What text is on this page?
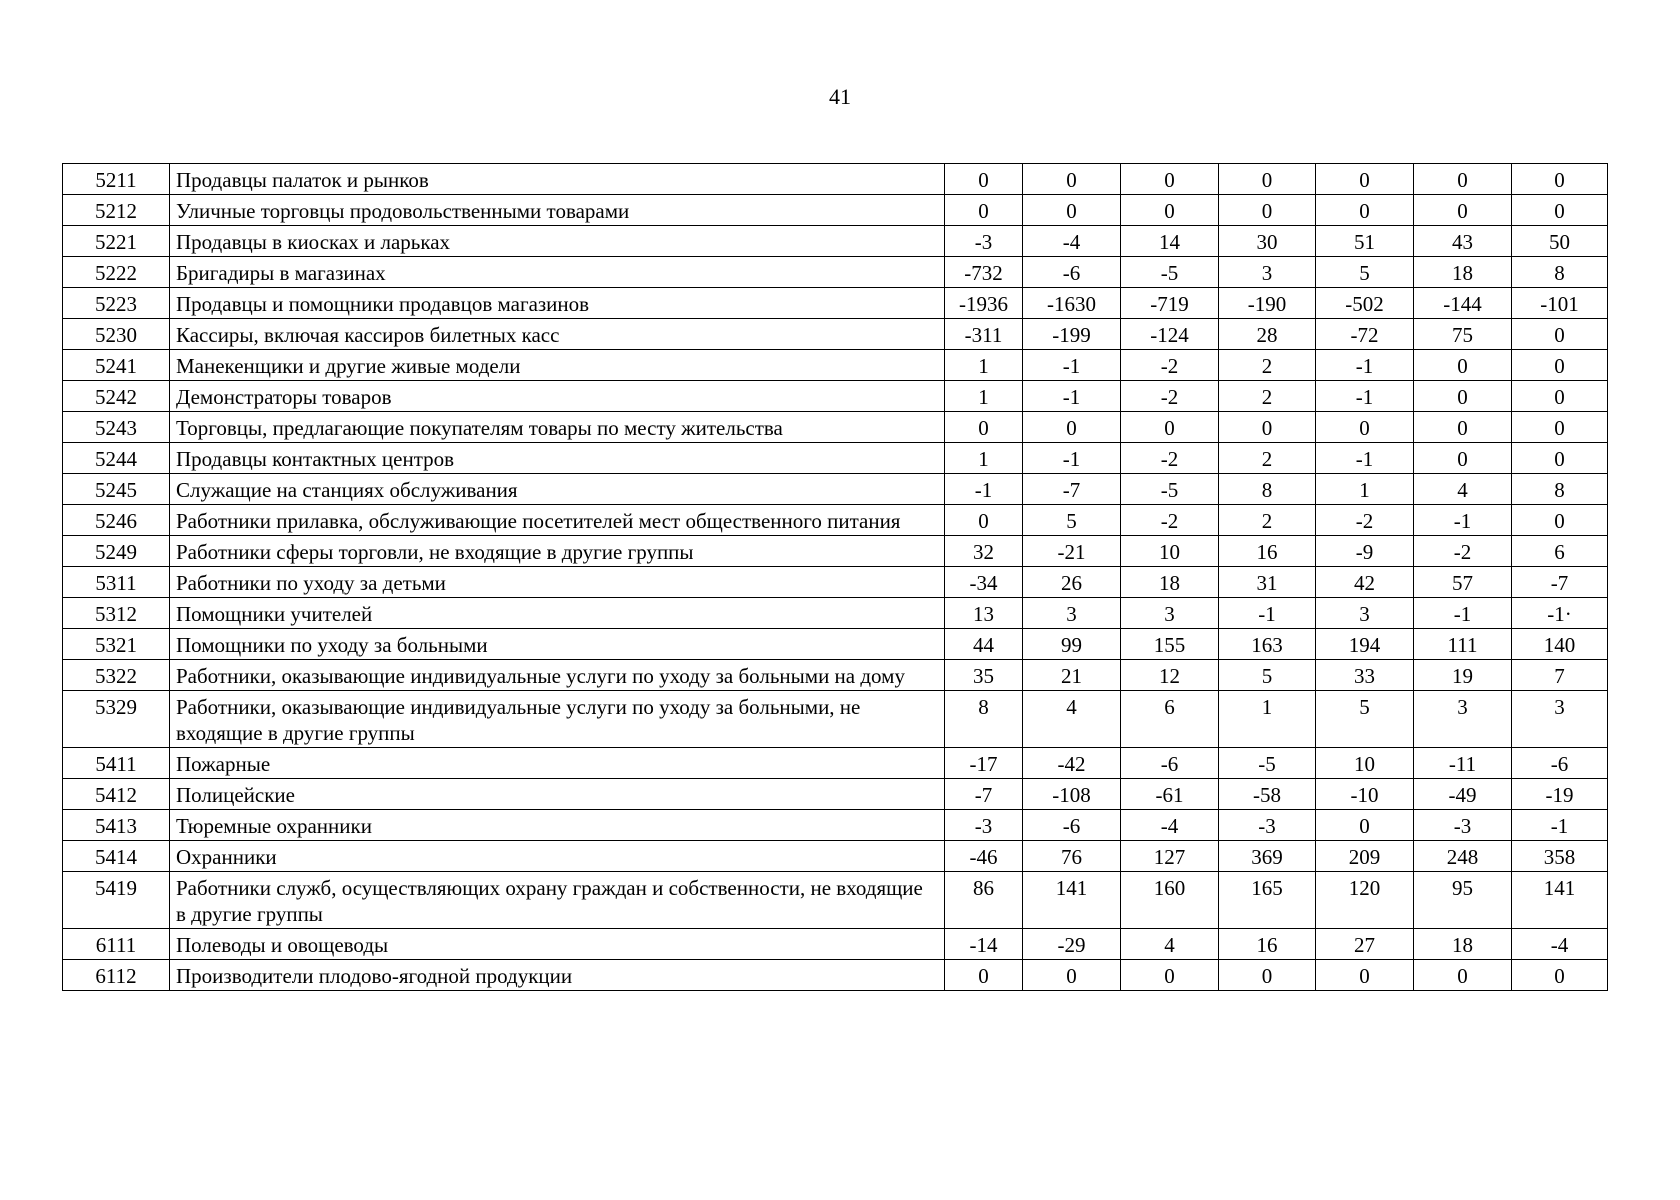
41
5211	Продавцы палаток и рынков	0	0	0	0	0	0	0
5212	Уличные торговцы продовольственными товарами	0	0	0	0	0	0	0
5221	Продавцы в киосках и ларьках	-3	-4	14	30	51	43	50
5222	Бригадиры в магазинах	-732	-6	-5	3	5	18	8
5223	Продавцы и помощники продавцов магазинов	-1936	-1630	-719	-190	-502	-144	-101
5230	Кассиры, включая кассиров билетных касс	-311	-199	-124	28	-72	75	0
5241	Манекенщики и другие живые модели	1	-1	-2	2	-1	0	0
5242	Демонстраторы товаров	1	-1	-2	2	-1	0	0
5243	Торговцы, предлагающие покупателям товары по месту жительства	0	0	0	0	0	0	0
5244	Продавцы контактных центров	1	-1	-2	2	-1	0	0
5245	Служащие на станциях обслуживания	-1	-7	-5	8	1	4	8
5246	Работники прилавка, обслуживающие посетителей мест общественного питания	0	5	-2	2	-2	-1	0
5249	Работники сферы торговли, не входящие в другие группы	32	-21	10	16	-9	-2	6
5311	Работники по уходу за детьми	-34	26	18	31	42	57	-7
5312	Помощники учителей	13	3	3	-1	3	-1	-1·
5321	Помощники по уходу за больными	44	99	155	163	194	111	140
5322	Работники, оказывающие индивидуальные услуги по уходу за больными на дому	35	21	12	5	33	19	7
5329	Работники, оказывающие индивидуальные услуги по уходу за больными, не входящие в другие группы	8	4	6	1	5	3	3
5411	Пожарные	-17	-42	-6	-5	10	-11	-6
5412	Полицейские	-7	-108	-61	-58	-10	-49	-19
5413	Тюремные охранники	-3	-6	-4	-3	0	-3	-1
5414	Охранники	-46	76	127	369	209	248	358
5419	Работники служб, осуществляющих охрану граждан и собственности, не входящие в другие группы	86	141	160	165	120	95	141
6111	Полеводы и овощеводы	-14	-29	4	16	27	18	-4
6112	Производители плодово-ягодной продукции	0	0	0	0	0	0	0
